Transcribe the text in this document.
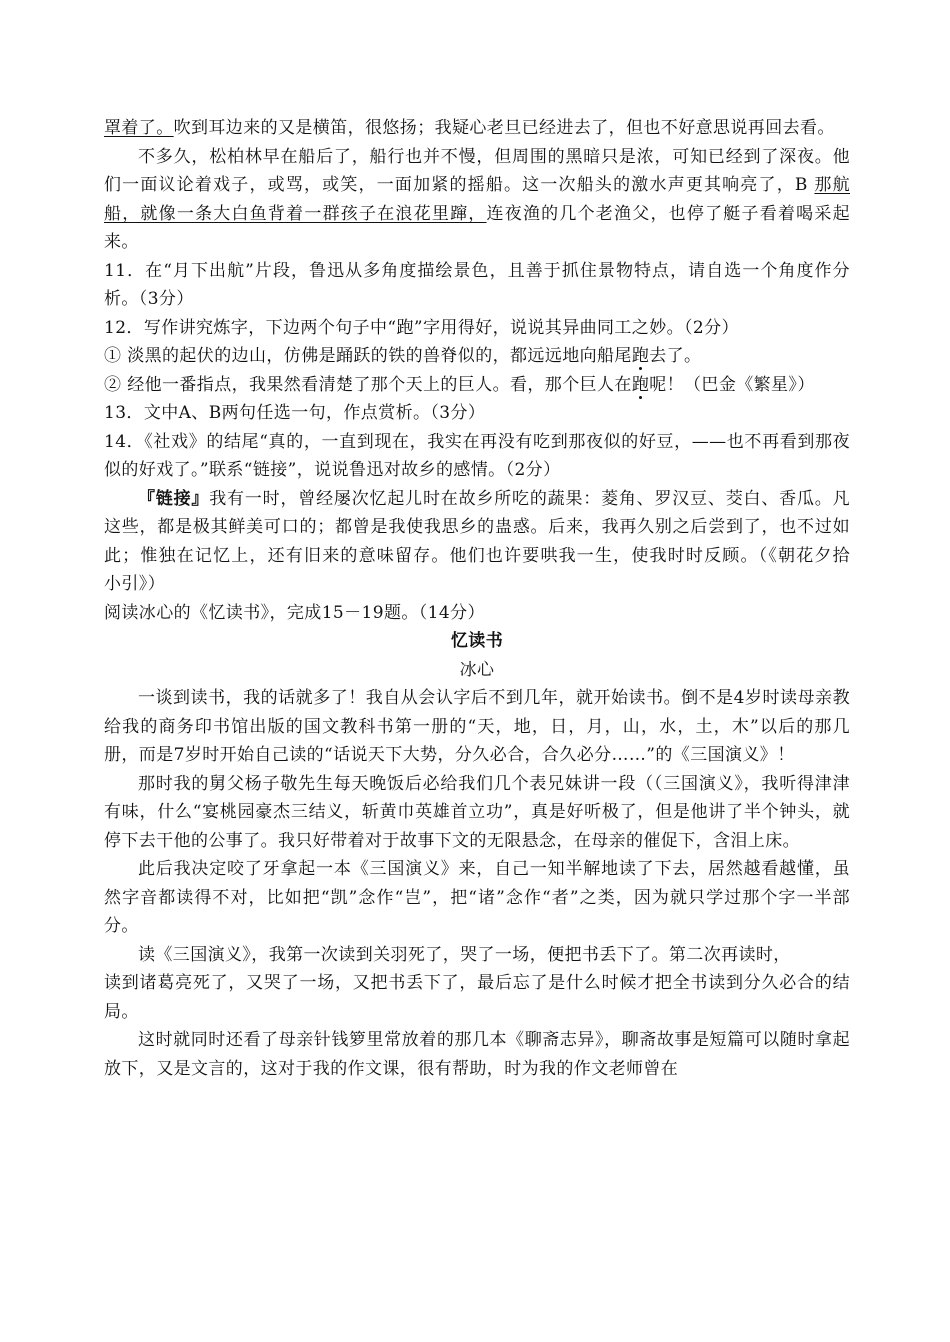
罩着了。吹到耳边来的又是横笛，很悠扬；我疑心老旦已经进去了，但也不好意思说再回去看。

不多久，松柏林早在船后了，船行也并不慢，但周围的黑暗只是浓，可知已经到了深夜。他们一面议论着戏子，或骂，或笑，一面加紧的摇船。这一次船头的激水声更其响亮了，B 那航船，就像一条大白鱼背着一群孩子在浪花里蹿，连夜渔的几个老渔父，也停了艇子看着喝采起来。

11．在“月下出航”片段，鲁迅从多角度描绘景色，且善于抓住景物特点，请自选一个角度作分析。（3分）

12．写作讲究炼字，下边两个句子中“跑”字用得好，说说其异曲同工之妙。（2分）

① 淡黑的起伏的边山，仿佛是踊跃的铁的兽脊似的，都远远地向船尾跑去了。

② 经他一番指点，我果然看清楚了那个天上的巨人。看，那个巨人在跑呢！（巴金《繁星》）

13．文中A、B两句任选一句，作点赏析。（3分）

14．《社戏》的结尾“真的，一直到现在，我实在再没有吃到那夜似的好豆，——也不再看到那夜似的好戏了。”联系“链接”，说说鲁迅对故乡的感情。（2分）

『链接』我有一时，曾经屡次忆起儿时在故乡所吃的蔬果：菱角、罗汉豆、茭白、香瓜。凡这些，都是极其鲜美可口的；都曾是我使我思乡的蛊惑。后来，我再久别之后尝到了，也不过如此；惟独在记忆上，还有旧来的意味留存。他们也许要哄我一生，使我时时反顾。（《朝花夕拾　小引》）

阅读冰心的《忆读书》，完成15－19题。（14分）

忆读书

冰心

一谈到读书，我的话就多了！我自从会认字后不到几年，就开始读书。倒不是4岁时读母亲教给我的商务印书馆出版的国文教科书第一册的“天，地，日，月，山，水，土，木”以后的那几册，而是7岁时开始自己读的“话说天下大势，分久必合，合久必分……”的《三国演义》！

那时我的舅父杨子敬先生每天晚饭后必给我们几个表兄妹讲一段（（三国演义》，我听得津津有味，什么“宴桃园豪杰三结义，斩黄巾英雄首立功”，真是好听极了，但是他讲了半个钟头，就停下去干他的公事了。我只好带着对于故事下文的无限悬念，在母亲的催促下，含泪上床。

此后我决定咬了牙拿起一本《三国演义》来，自己一知半解地读了下去，居然越看越懂，虽然字音都读得不对，比如把“凯”念作“岂”，把“诸”念作“者”之类，因为就只学过那个字一半部分。

读《三国演义》，我第一次读到关羽死了，哭了一场，便把书丢下了。第二次再读时，

读到诸葛亮死了，又哭了一场，又把书丢下了，最后忘了是什么时候才把全书读到分久必合的结局。

这时就同时还看了母亲针钱箩里常放着的那几本《聊斋志异》，聊斋故事是短篇可以随时拿起放下，又是文言的，这对于我的作文课，很有帮助，时为我的作文老师曾在
